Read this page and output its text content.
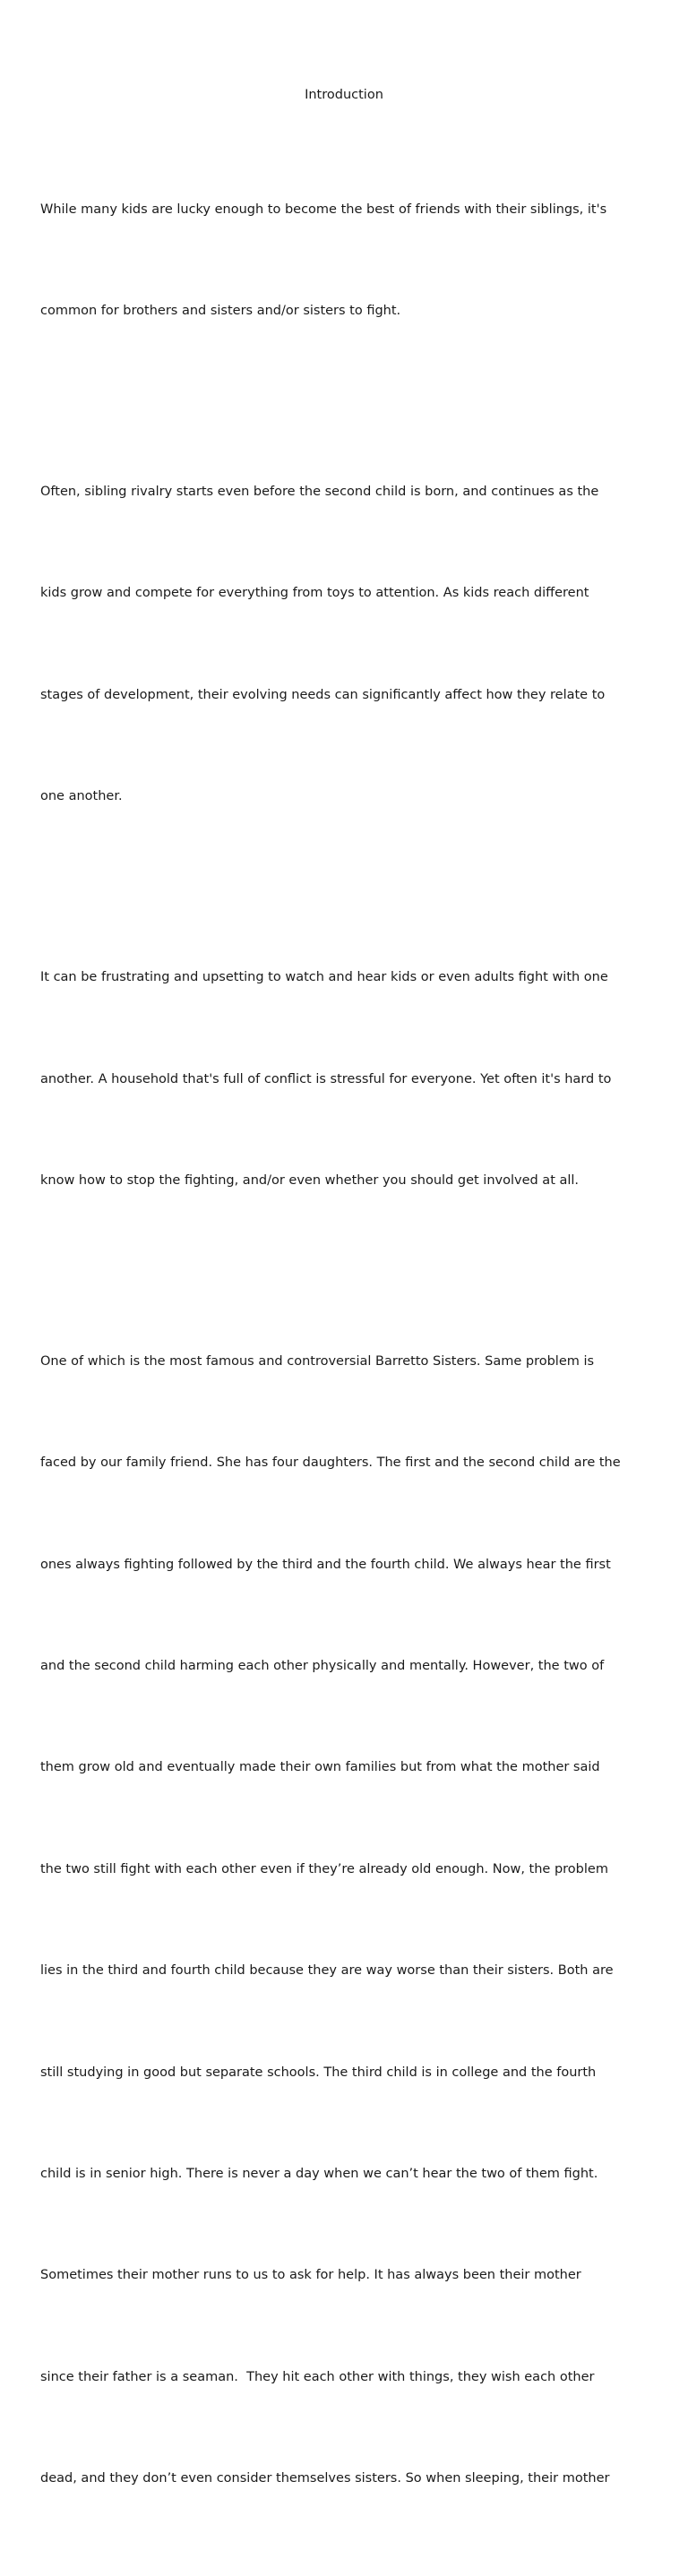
Introduction

While many kids are lucky enough to become the best of friends with their siblings, it's

common for brothers and sisters and/or sisters to fight.

Often, sibling rivalry starts even before the second child is born, and continues as the

kids grow and compete for everything from toys to attention. As kids reach different

stages of development, their evolving needs can significantly affect how they relate to

one another.

It can be frustrating and upsetting to watch and hear kids or even adults fight with one

another. A household that's full of conflict is stressful for everyone. Yet often it's hard to

know how to stop the fighting, and/or even whether you should get involved at all.

One of which is the most famous and controversial Barretto Sisters. Same problem is

faced by our family friend. She has four daughters. The first and the second child are the

ones always fighting followed by the third and the fourth child. We always hear the first

and the second child harming each other physically and mentally. However, the two of

them grow old and eventually made their own families but from what the mother said

the two still fight with each other even if they’re already old enough. Now, the problem

lies in the third and fourth child because they are way worse than their sisters. Both are

still studying in good but separate schools. The third child is in college and the fourth

child is in senior high. There is never a day when we can’t hear the two of them fight.

Sometimes their mother runs to us to ask for help. It has always been their mother

since their father is a seaman.  They hit each other with things, they wish each other

dead, and they don’t even consider themselves sisters. So when sleeping, their mother
